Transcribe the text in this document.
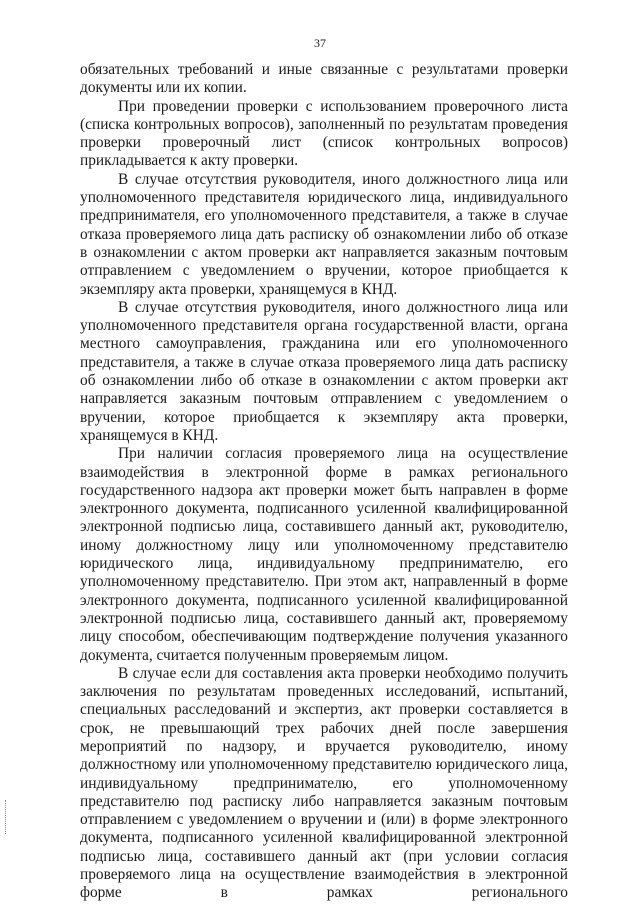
37

обязательных требований и иные связанные с результатами проверки документы или их копии.

При проведении проверки с использованием проверочного листа (списка контрольных вопросов), заполненный по результатам проведения проверки проверочный лист (список контрольных вопросов) прикладывается к акту проверки.

В случае отсутствия руководителя, иного должностного лица или уполномоченного представителя юридического лица, индивидуального предпринимателя, его уполномоченного представителя, а также в случае отказа проверяемого лица дать расписку об ознакомлении либо об отказе в ознакомлении с актом проверки акт направляется заказным почтовым отправлением с уведомлением о вручении, которое приобщается к экземпляру акта проверки, хранящемуся в КНД.

В случае отсутствия руководителя, иного должностного лица или уполномоченного представителя органа государственной власти, органа местного самоуправления, гражданина или его уполномоченного представителя, а также в случае отказа проверяемого лица дать расписку об ознакомлении либо об отказе в ознакомлении с актом проверки акт направляется заказным почтовым отправлением с уведомлением о вручении, которое приобщается к экземпляру акта проверки, хранящемуся в КНД.

При наличии согласия проверяемого лица на осуществление взаимодействия в электронной форме в рамках регионального государственного надзора акт проверки может быть направлен в форме электронного документа, подписанного усиленной квалифицированной электронной подписью лица, составившего данный акт, руководителю, иному должностному лицу или уполномоченному представителю юридического лица, индивидуальному предпринимателю, его уполномоченному представителю. При этом акт, направленный в форме электронного документа, подписанного усиленной квалифицированной электронной подписью лица, составившего данный акт, проверяемому лицу способом, обеспечивающим подтверждение получения указанного документа, считается полученным проверяемым лицом.

В случае если для составления акта проверки необходимо получить заключения по результатам проведенных исследований, испытаний, специальных расследований и экспертиз, акт проверки составляется в срок, не превышающий трех рабочих дней после завершения мероприятий по надзору, и вручается руководителю, иному должностному или уполномоченному представителю юридического лица, индивидуальному предпринимателю, его уполномоченному представителю под расписку либо направляется заказным почтовым отправлением с уведомлением о вручении и (или) в форме электронного документа, подписанного усиленной квалифицированной электронной подписью лица, составившего данный акт (при условии согласия проверяемого лица на осуществление взаимодействия в электронной форме в рамках регионального
